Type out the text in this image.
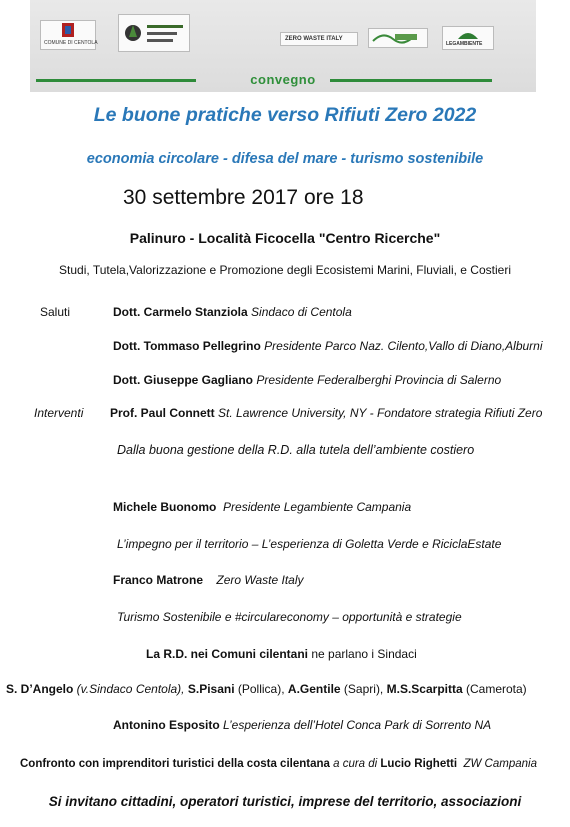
COMUNE DI CENTOLA
ZERO WASTE ITALY
LEGAMBIENTE
convegno
Le buone pratiche verso Rifiuti Zero 2022
economia circolare - difesa del mare - turismo sostenibile
30 settembre 2017 ore 18
Palinuro - Località Ficocella "Centro Ricerche"
Studi, Tutela,Valorizzazione e Promozione degli Ecosistemi Marini, Fluviali, e Costieri
Saluti	Dott. Carmelo Stanziola Sindaco di Centola
Dott. Tommaso Pellegrino Presidente Parco Naz. Cilento,Vallo di Diano,Alburni
Dott. Giuseppe Gagliano Presidente Federalberghi Provincia di Salerno
Interventi Prof. Paul Connett St. Lawrence University, NY - Fondatore strategia Rifiuti Zero
Dalla buona gestione della R.D. alla tutela dell’ambiente costiero
Michele Buonomo Presidente Legambiente Campania
L’impegno per il territorio – L’esperienza di Goletta Verde e RiciclaEstate
Franco Matrone Zero Waste Italy
Turismo Sostenibile e #circulareconomy – opportunità e strategie
La R.D. nei Comuni cilentani ne parlano i Sindaci
S. D’Angelo (v.Sindaco Centola), S.Pisani (Pollica), A.Gentile (Sapri), M.S.Scarpitta (Camerota)
Antonino Esposito L’esperienza dell’Hotel Conca Park di Sorrento NA
Confronto con imprenditori turistici della costa cilentana a cura di Lucio Righetti ZW Campania
Si invitano cittadini, operatori turistici, imprese del territorio, associazioni
